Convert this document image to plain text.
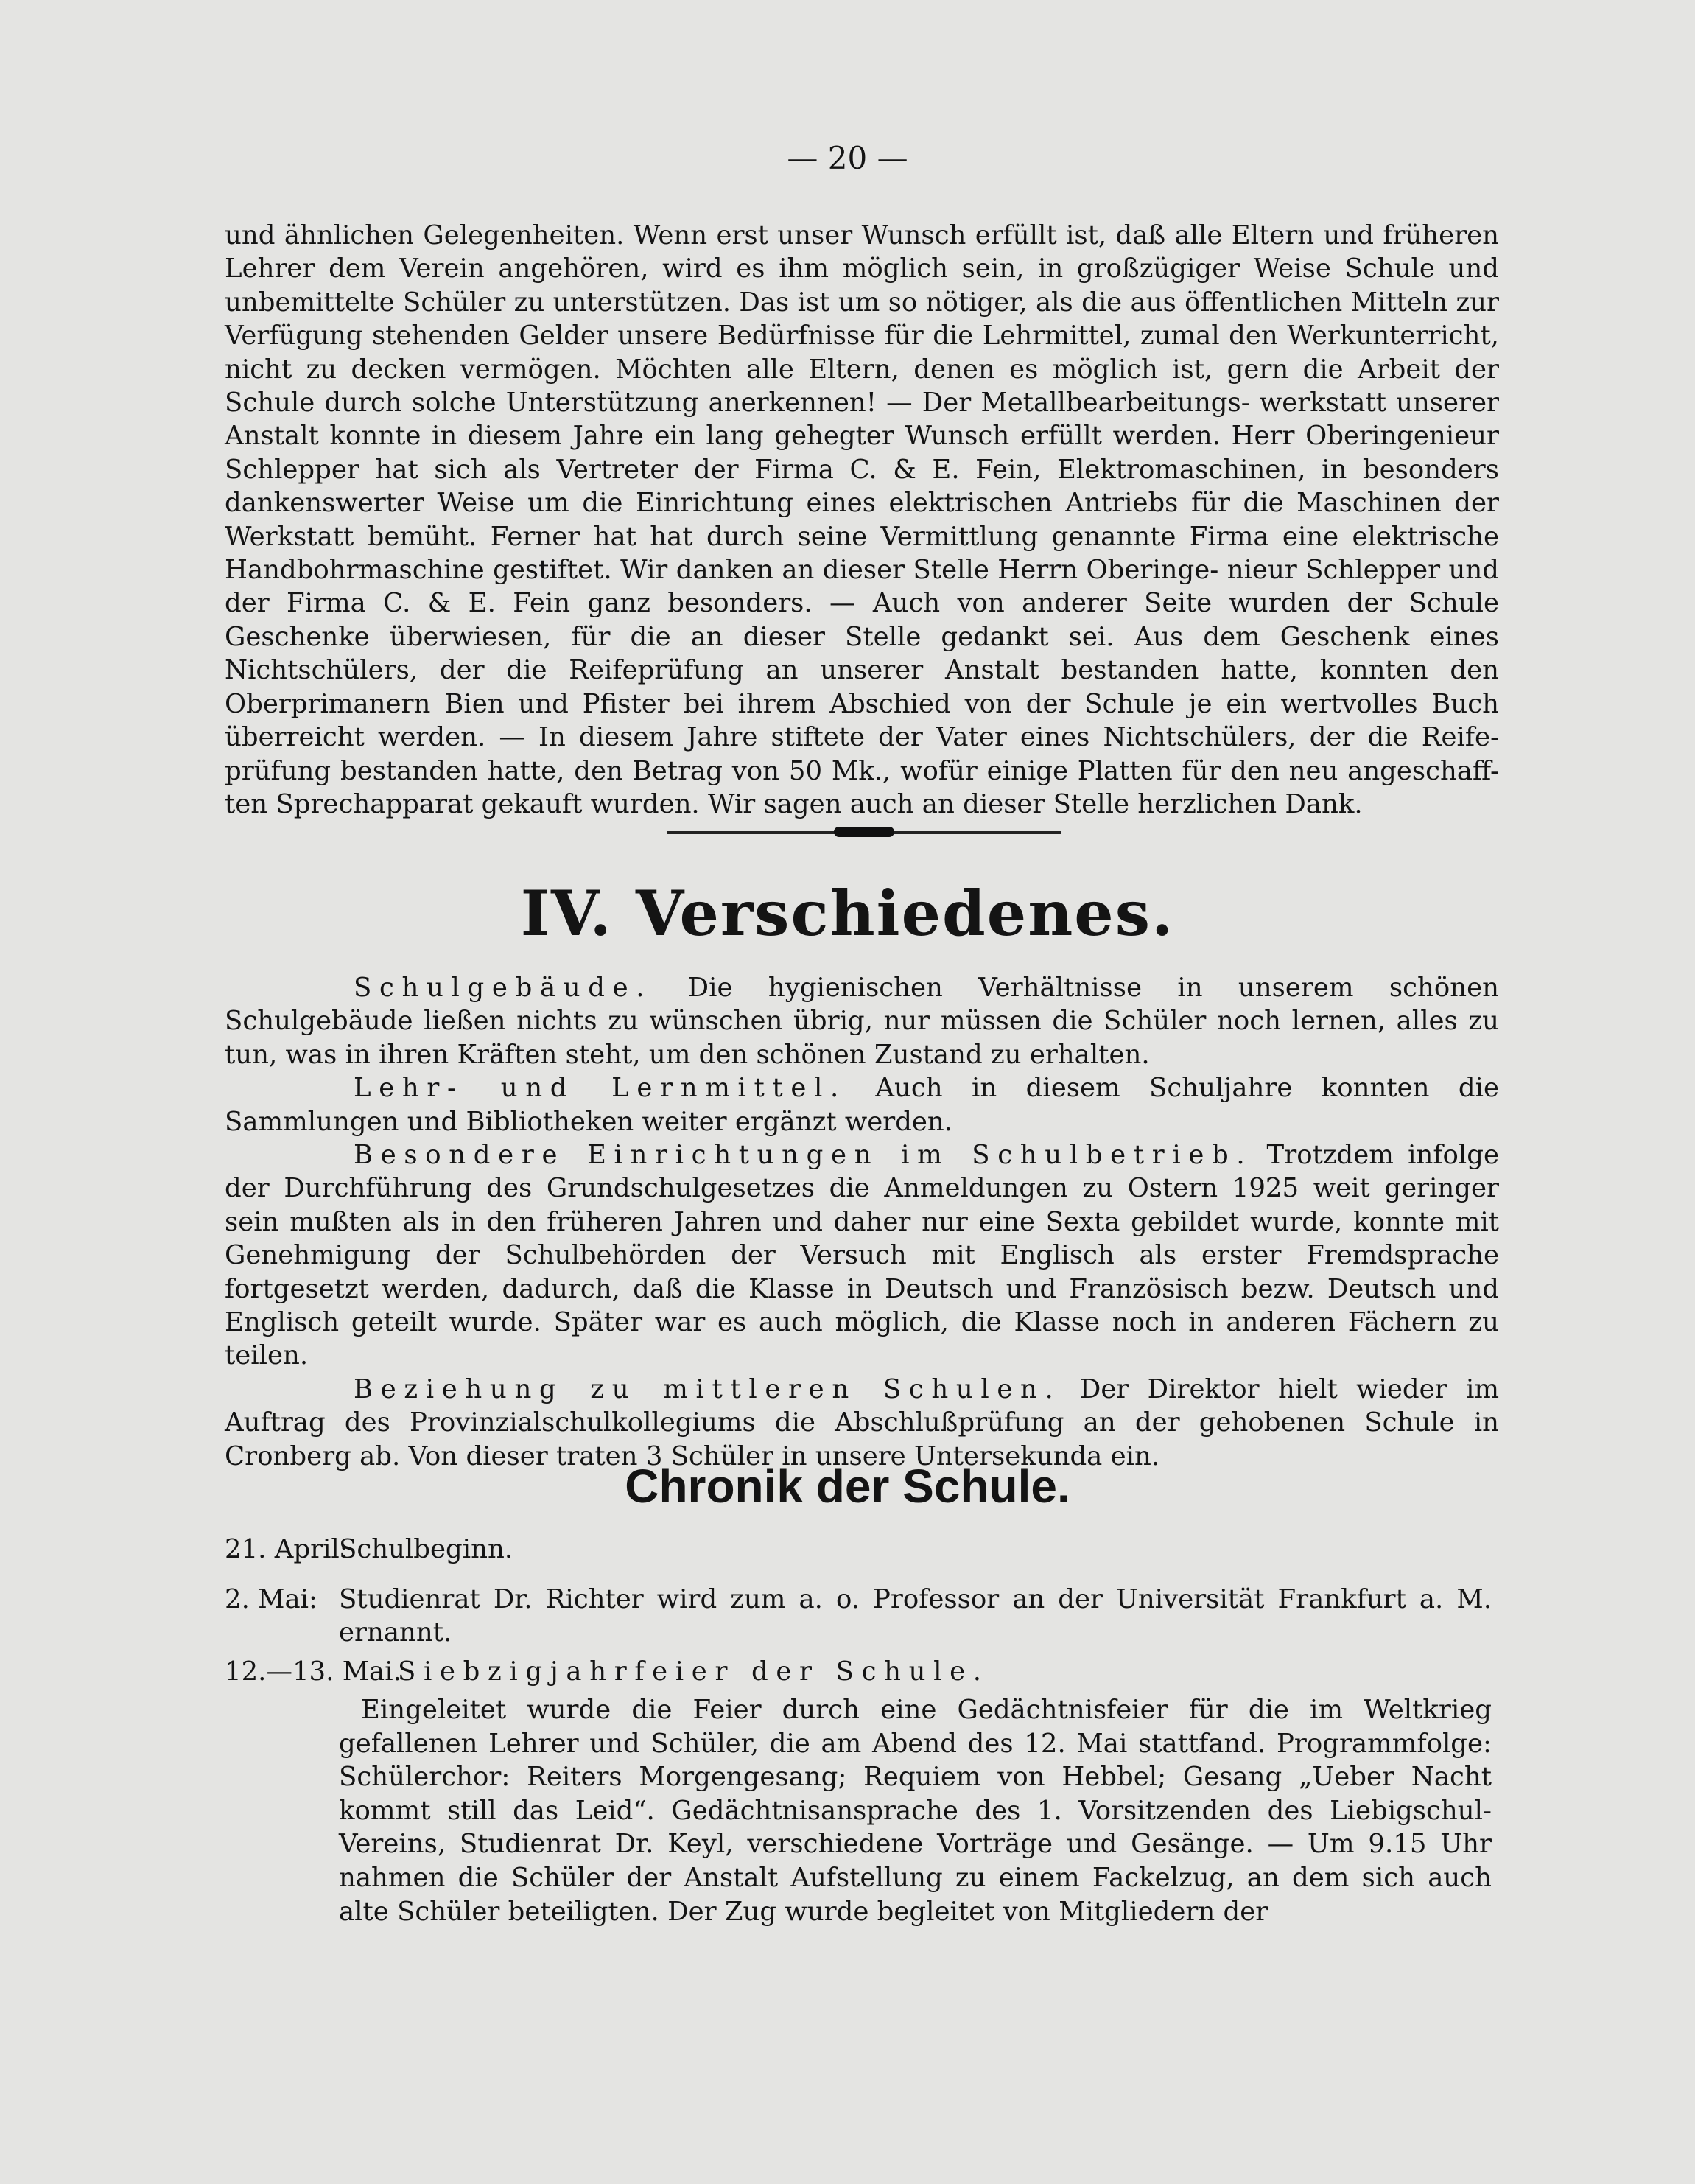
— 20 —

und ähnlichen Gelegenheiten. Wenn erst unser Wunsch erfüllt ist, daß alle Eltern und früheren Lehrer dem Verein angehören, wird es ihm möglich sein, in großzügiger Weise Schule und unbemittelte Schüler zu unterstützen. Das ist um so nötiger, als die aus öffentlichen Mitteln zur Verfügung stehenden Gelder unsere Bedürfnisse für die Lehrmittel, zumal den Werkunterricht, nicht zu decken vermögen. Möchten alle Eltern, denen es möglich ist, gern die Arbeit der Schule durch solche Unterstützung anerkennen! — Der Metallbearbeitungs- werkstatt unserer Anstalt konnte in diesem Jahre ein lang gehegter Wunsch erfüllt werden. Herr Oberingenieur Schlepper hat sich als Vertreter der Firma C. & E. Fein, Elektromaschinen, in besonders dankenswerter Weise um die Einrichtung eines elektrischen Antriebs für die Maschinen der Werkstatt bemüht. Ferner hat hat durch seine Vermittlung genannte Firma eine elektrische Handbohrmaschine gestiftet. Wir danken an dieser Stelle Herrn Oberinge- nieur Schlepper und der Firma C. & E. Fein ganz besonders. — Auch von anderer Seite wurden der Schule Geschenke überwiesen, für die an dieser Stelle gedankt sei. Aus dem Geschenk eines Nichtschülers, der die Reifeprüfung an unserer Anstalt bestanden hatte, konnten den Oberprimanern Bien und Pfister bei ihrem Abschied von der Schule je ein wertvolles Buch überreicht werden. — In diesem Jahre stiftete der Vater eines Nichtschülers, der die Reife- prüfung bestanden hatte, den Betrag von 50 Mk., wofür einige Platten für den neu angeschaff- ten Sprechapparat gekauft wurden. Wir sagen auch an dieser Stelle herzlichen Dank.

IV. Verschiedenes.

Schulgebäude. Die hygienischen Verhältnisse in unserem schönen Schulgebäude ließen nichts zu wünschen übrig, nur müssen die Schüler noch lernen, alles zu tun, was in ihren Kräften steht, um den schönen Zustand zu erhalten.

Lehr- und Lernmittel. Auch in diesem Schuljahre konnten die Sammlungen und Bibliotheken weiter ergänzt werden.

Besondere Einrichtungen im Schulbetrieb. Trotzdem infolge der Durchführung des Grundschulgesetzes die Anmeldungen zu Ostern 1925 weit geringer sein mußten als in den früheren Jahren und daher nur eine Sexta gebildet wurde, konnte mit Genehmigung der Schulbehörden der Versuch mit Englisch als erster Fremdsprache fortgesetzt werden, dadurch, daß die Klasse in Deutsch und Französisch bezw. Deutsch und Englisch geteilt wurde. Später war es auch möglich, die Klasse noch in anderen Fächern zu teilen.

Beziehung zu mittleren Schulen. Der Direktor hielt wieder im Auftrag des Provinzialschulkollegiums die Abschlußprüfung an der gehobenen Schule in Cronberg ab. Von dieser traten 3 Schüler in unsere Untersekunda ein.

Chronik der Schule.
21. April:
Schulbeginn.
2. Mai: Studienrat Dr. Richter wird zum a. o. Professor an der Universität Frankfurt a. M. ernannt.
12.—13. Mai.
Siebzigjahrfeier der Schule.

Eingeleitet wurde die Feier durch eine Gedächtnisfeier für die im Weltkrieg gefallenen Lehrer und Schüler, die am Abend des 12. Mai stattfand. Programmfolge: Schülerchor: Reiters Morgengesang; Requiem von Hebbel; Gesang „Ueber Nacht kommt still das Leid“. Gedächtnisansprache des 1. Vorsitzenden des Liebigschul-Vereins, Studienrat Dr. Keyl, verschiedene Vorträge und Gesänge. — Um 9.15 Uhr nahmen die Schüler der Anstalt Aufstellung zu einem Fackelzug, an dem sich auch alte Schüler beteiligten. Der Zug wurde begleitet von Mitgliedern der
